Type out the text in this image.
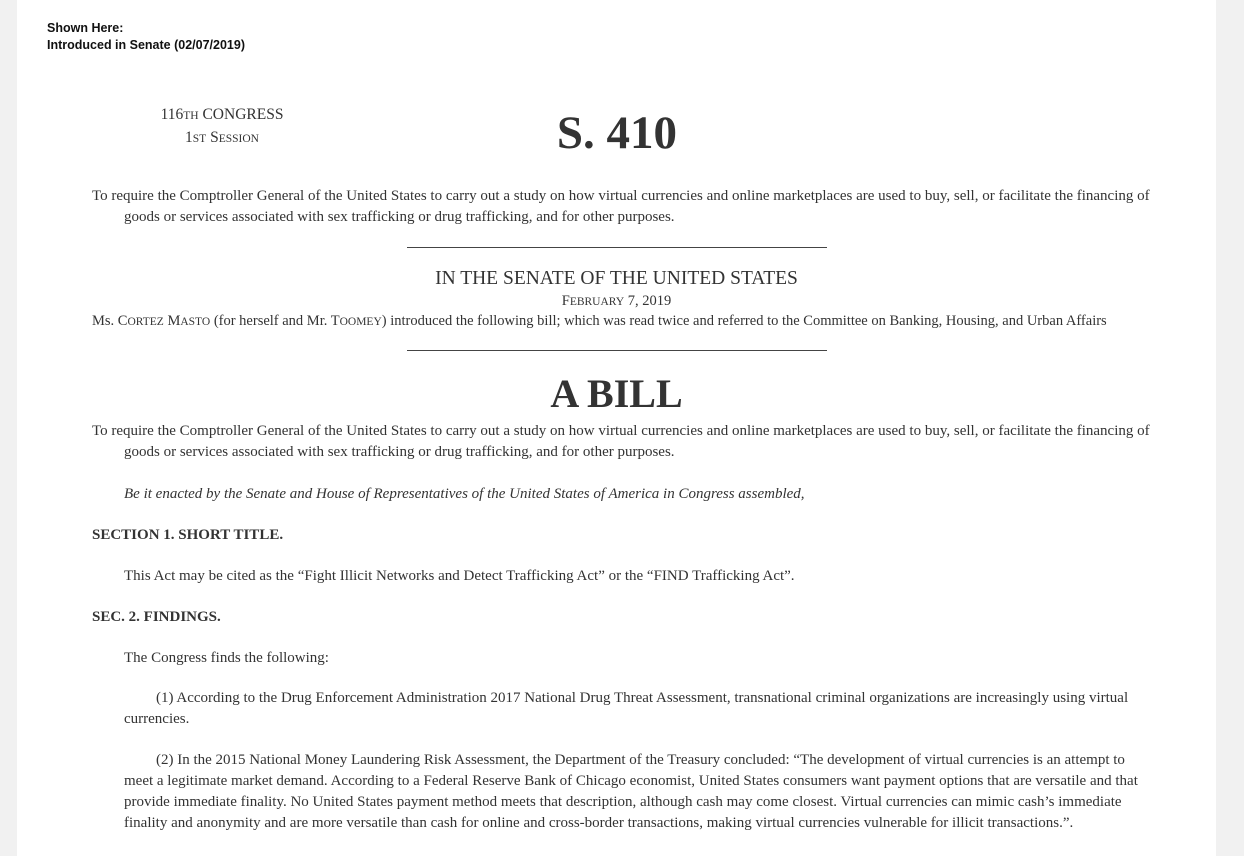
Shown Here:
Introduced in Senate (02/07/2019)
116TH CONGRESS
1ST SESSION	S. 410

To require the Comptroller General of the United States to carry out a study on how virtual currencies and online marketplaces are used to buy, sell, or facilitate the financing of goods or services associated with sex trafficking or drug trafficking, and for other purposes.

IN THE SENATE OF THE UNITED STATES
FEBRUARY 7, 2019
Ms. CORTEZ MASTO (for herself and Mr. TOOMEY) introduced the following bill; which was read twice and referred to the Committee on Banking, Housing, and Urban Affairs
A BILL

To require the Comptroller General of the United States to carry out a study on how virtual currencies and online marketplaces are used to buy, sell, or facilitate the financing of goods or services associated with sex trafficking or drug trafficking, and for other purposes.

Be it enacted by the Senate and House of Representatives of the United States of America in Congress assembled,
SECTION 1. SHORT TITLE.
This Act may be cited as the “Fight Illicit Networks and Detect Trafficking Act” or the “FIND Trafficking Act”.
SEC. 2. FINDINGS.
The Congress finds the following:

(1) According to the Drug Enforcement Administration 2017 National Drug Threat Assessment, transnational criminal organizations are increasingly using virtual currencies.

(2) In the 2015 National Money Laundering Risk Assessment, the Department of the Treasury concluded: “The development of virtual currencies is an attempt to meet a legitimate market demand. According to a Federal Reserve Bank of Chicago economist, United States consumers want payment options that are versatile and that provide immediate finality. No United States payment method meets that description, although cash may come closest. Virtual currencies can mimic cash’s immediate finality and anonymity and are more versatile than cash for online and cross-border transactions, making virtual currencies vulnerable for illicit transactions.”.
